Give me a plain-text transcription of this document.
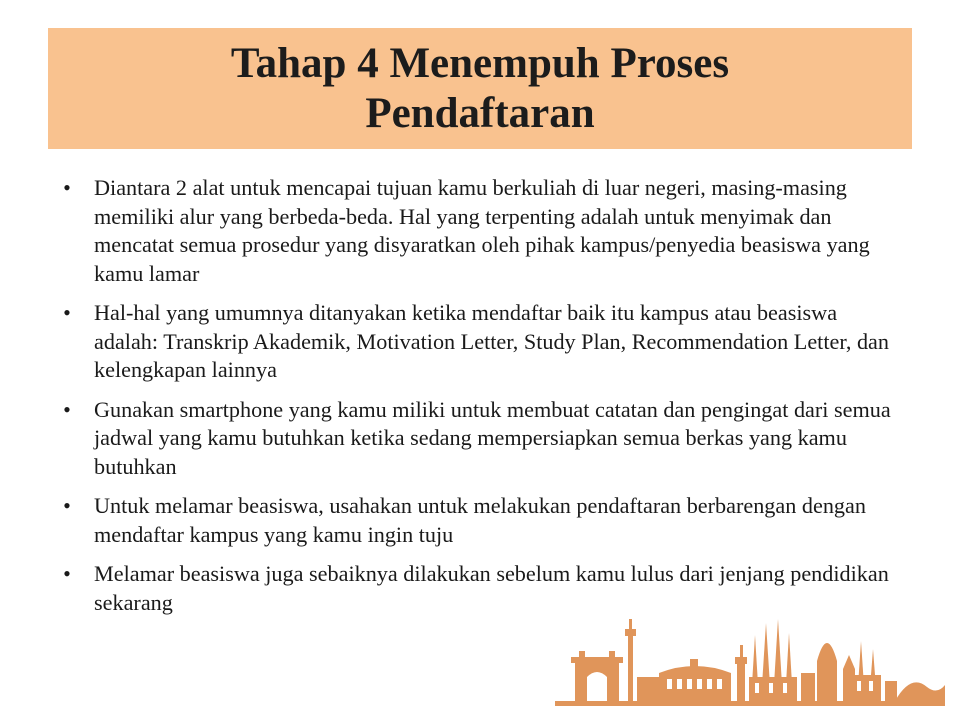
Tahap 4 Menempuh Proses Pendaftaran
• Diantara 2 alat untuk mencapai tujuan kamu berkuliah di luar negeri, masing-masing memiliki alur yang berbeda-beda. Hal yang terpenting adalah untuk menyimak dan mencatat semua prosedur yang disyaratkan oleh pihak kampus/penyedia beasiswa yang kamu lamar
• Hal-hal yang umumnya ditanyakan ketika mendaftar baik itu kampus atau beasiswa adalah: Transkrip Akademik, Motivation Letter, Study Plan, Recommendation Letter, dan kelengkapan lainnya
• Gunakan smartphone yang kamu miliki untuk membuat catatan dan pengingat dari semua jadwal yang kamu butuhkan ketika sedang mempersiapkan semua berkas yang kamu butuhkan
• Untuk melamar beasiswa, usahakan untuk melakukan pendaftaran berbarengan dengan mendaftar kampus yang kamu ingin tuju
• Melamar beasiswa juga sebaiknya dilakukan sebelum kamu lulus dari jenjang pendidikan sekarang
